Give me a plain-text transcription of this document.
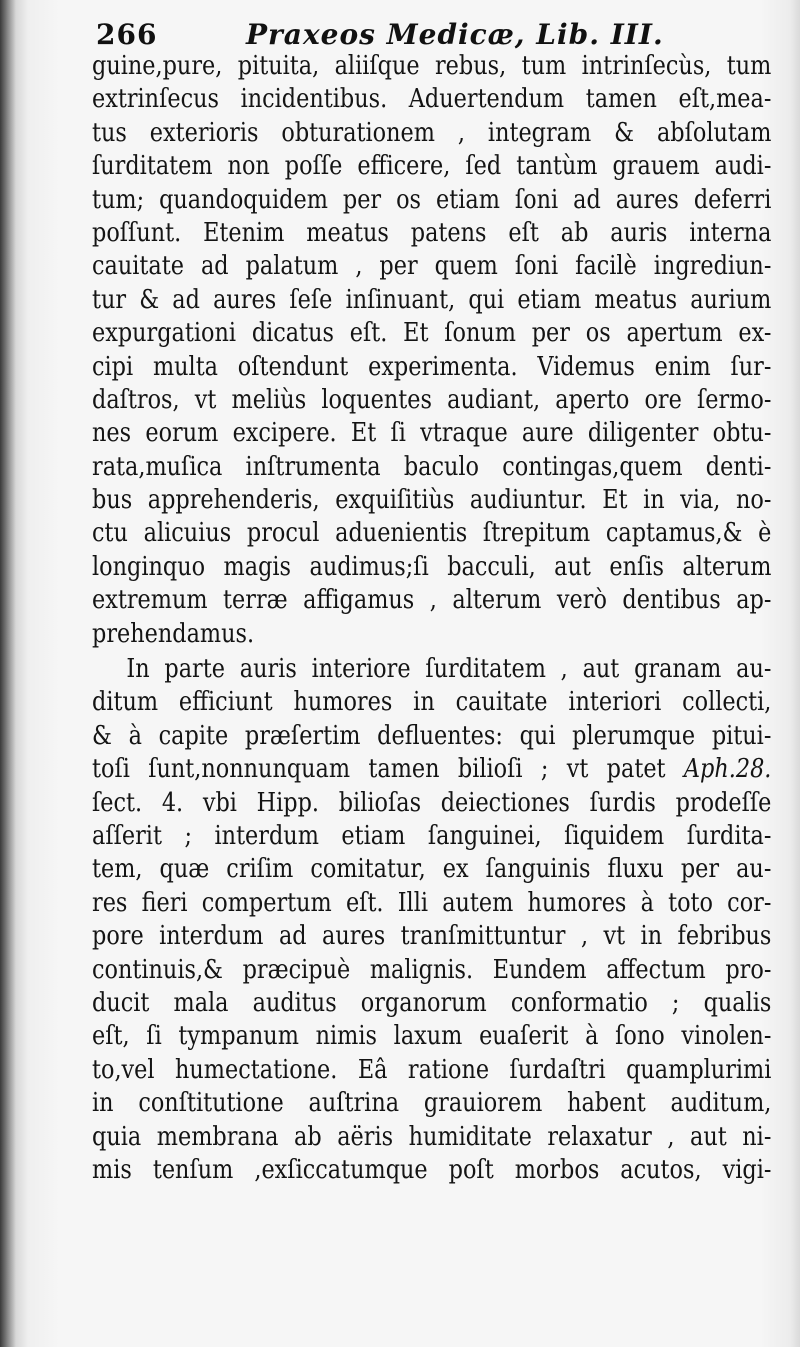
266	Praxeos Medicæ, Lib. III.
guine,pure, pituita, aliiſque rebus, tum intrinſecùs, tum
extrinſecus incidentibus. Aduertendum tamen eſt,mea-
tus exterioris obturationem , integram & abſolutam
ſurditatem non poſſe efficere, ſed tantùm grauem audi-
tum; quandoquidem per os etiam ſoni ad aures deferri
poſſunt. Etenim meatus patens eſt ab auris interna
cauitate ad palatum , per quem ſoni facilè ingrediun-
tur & ad aures ſeſe inſinuant, qui etiam meatus aurium
expurgationi dicatus eſt. Et ſonum per os apertum ex-
cipi multa oſtendunt experimenta. Videmus enim ſur-
daſtros, vt meliùs loquentes audiant, aperto ore ſermo-
nes eorum excipere. Et ſi vtraque aure diligenter obtu-
rata,muſica inſtrumenta baculo contingas,quem denti-
bus apprehenderis, exquiſitiùs audiuntur. Et in via, no-
ctu alicuius procul aduenientis ſtrepitum captamus,& è
longinquo magis audimus;ſi bacculi, aut enſis alterum
extremum terræ affigamus , alterum verò dentibus ap-
prehendamus.
In parte auris interiore ſurditatem , aut granam au-
ditum efficiunt humores in cauitate interiori collecti,
& à capite præſertim defluentes: qui plerumque pitui-
toſi ſunt,nonnunquam tamen bilioſi ; vt patet Aph.28.
ſect. 4. vbi Hipp. bilioſas deiectiones ſurdis prodeſſe
aſſerit ; interdum etiam ſanguinei, ſiquidem ſurdita-
tem, quæ criſim comitatur, ex ſanguinis fluxu per au-
res fieri compertum eſt. Illi autem humores à toto cor-
pore interdum ad aures tranſmittuntur , vt in febribus
continuis,& præcipuè malignis. Eundem affectum pro-
ducit mala auditus organorum conformatio ; qualis
eſt, ſi tympanum nimis laxum euaſerit à ſono vinolen-
to,vel humectatione. Eâ ratione ſurdaſtri quamplurimi
in conſtitutione auſtrina grauiorem habent auditum,
quia membrana ab aëris humiditate relaxatur , aut ni-
mis tenſum ,exſiccatumque poſt morbos acutos, vigi-
